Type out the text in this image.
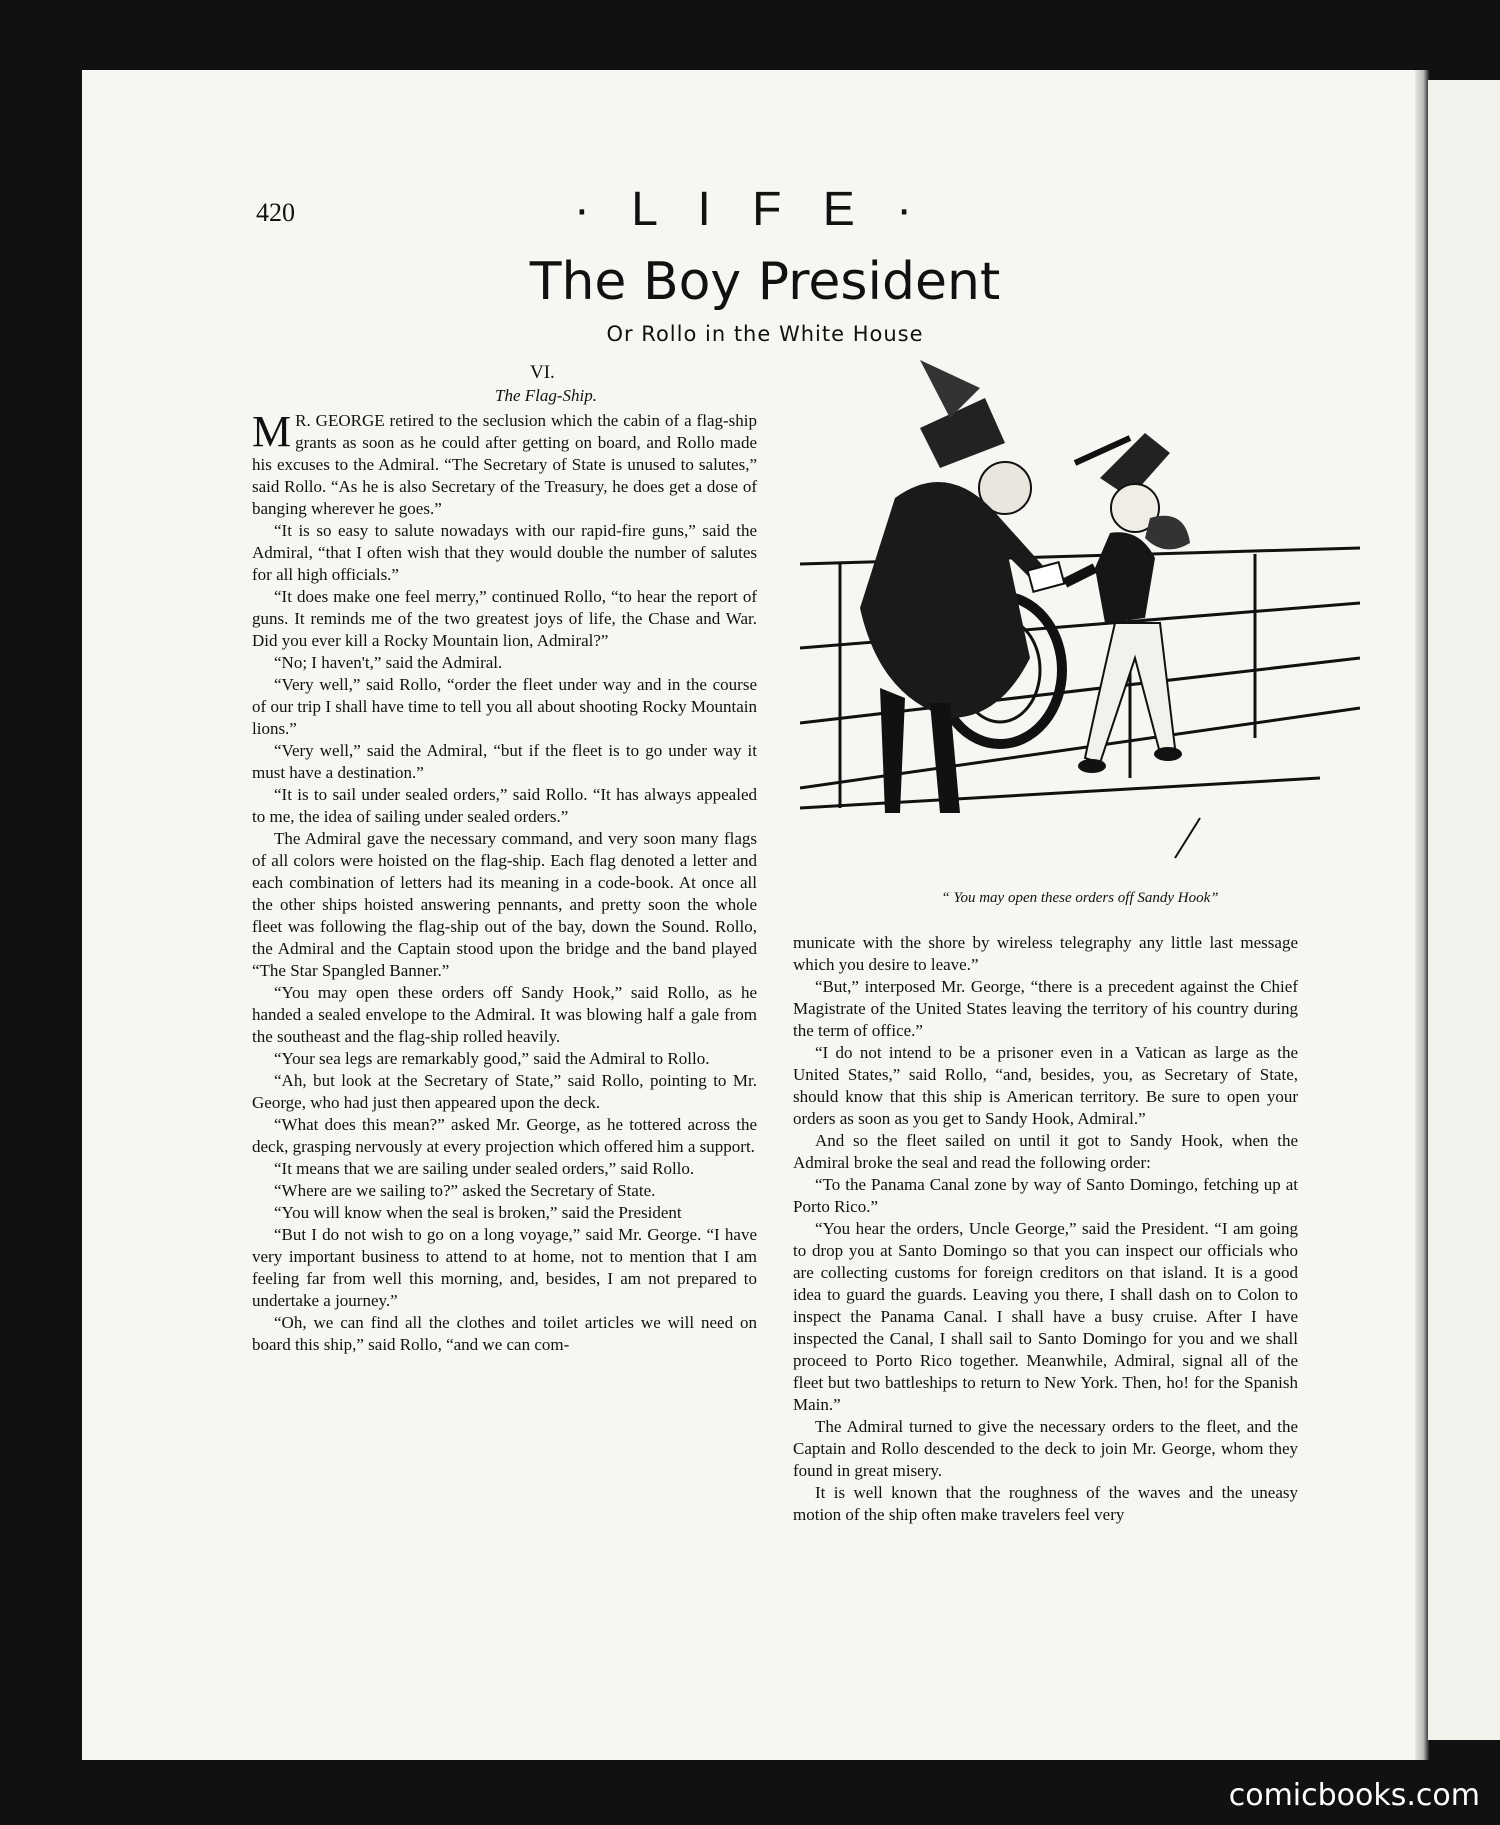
420	· L I F E ·
The Boy President
Or Rollo in the White House
VI.
The Flag-Ship.

M R. GEORGE retired to the seclusion which the cabin of a flag-ship grants as soon as he could after getting on board, and Rollo made his excuses to the Admiral. “The Secretary of State is unused to salutes,” said Rollo. “As he is also Secretary of the Treasury, he does get a dose of banging wherever he goes.”

“It is so easy to salute nowadays with our rapid-fire guns,” said the Admiral, “that I often wish that they would double the number of salutes for all high officials.”

“It does make one feel merry,” continued Rollo, “to hear the report of guns. It reminds me of the two greatest joys of life, the Chase and War. Did you ever kill a Rocky Mountain lion, Admiral?”

“No; I haven't,” said the Admiral.

“Very well,” said Rollo, “order the fleet under way and in the course of our trip I shall have time to tell you all about shooting Rocky Mountain lions.”

“Very well,” said the Admiral, “but if the fleet is to go under way it must have a destination.”

“It is to sail under sealed orders,” said Rollo. “It has always appealed to me, the idea of sailing under sealed orders.”

The Admiral gave the necessary command, and very soon many flags of all colors were hoisted on the flag-ship. Each flag denoted a letter and each combination of letters had its meaning in a code-book. At once all the other ships hoisted answering pennants, and pretty soon the whole fleet was following the flag-ship out of the bay, down the Sound. Rollo, the Admiral and the Captain stood upon the bridge and the band played “The Star Spangled Banner.”

“You may open these orders off Sandy Hook,” said Rollo, as he handed a sealed envelope to the Admiral. It was blowing half a gale from the southeast and the flag-ship rolled heavily.

“Your sea legs are remarkably good,” said the Admiral to Rollo.

“Ah, but look at the Secretary of State,” said Rollo, pointing to Mr. George, who had just then appeared upon the deck.

“What does this mean?” asked Mr. George, as he tottered across the deck, grasping nervously at every projection which offered him a support.

“It means that we are sailing under sealed orders,” said Rollo.

“Where are we sailing to?” asked the Secretary of State.

“You will know when the seal is broken,” said the President

“But I do not wish to go on a long voyage,” said Mr. George. “I have very important business to attend to at home, not to mention that I am feeling far from well this morning, and, besides, I am not prepared to undertake a journey.”

“Oh, we can find all the clothes and toilet articles we will need on board this ship,” said Rollo, “and we can com-

“ You may open these orders off Sandy Hook”

municate with the shore by wireless telegraphy any little last message which you desire to leave.”

“But,” interposed Mr. George, “there is a precedent against the Chief Magistrate of the United States leaving the territory of his country during the term of office.”

“I do not intend to be a prisoner even in a Vatican as large as the United States,” said Rollo, “and, besides, you, as Secretary of State, should know that this ship is American territory. Be sure to open your orders as soon as you get to Sandy Hook, Admiral.”

And so the fleet sailed on until it got to Sandy Hook, when the Admiral broke the seal and read the following order:

“To the Panama Canal zone by way of Santo Domingo, fetching up at Porto Rico.”

“You hear the orders, Uncle George,” said the President. “I am going to drop you at Santo Domingo so that you can inspect our officials who are collecting customs for foreign creditors on that island. It is a good idea to guard the guards. Leaving you there, I shall dash on to Colon to inspect the Panama Canal. I shall have a busy cruise. After I have inspected the Canal, I shall sail to Santo Domingo for you and we shall proceed to Porto Rico together. Meanwhile, Admiral, signal all of the fleet but two battleships to return to New York. Then, ho! for the Spanish Main.”

The Admiral turned to give the necessary orders to the fleet, and the Captain and Rollo descended to the deck to join Mr. George, whom they found in great misery.

It is well known that the roughness of the waves and the uneasy motion of the ship often make travelers feel very

comicbooks.com
